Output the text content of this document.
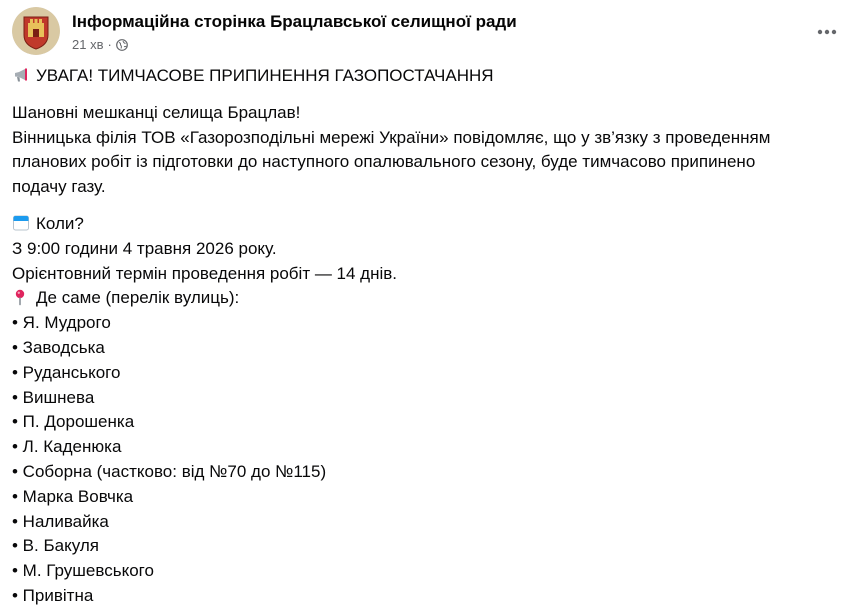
Інформаційна сторінка Брацлавської селищної ради
21 хв ·
УВАГА! ТИМЧАСОВЕ ПРИПИНЕННЯ ГАЗОПОСТАЧАННЯ
Шановні мешканці селища Брацлав!
Вінницька філія ТОВ «Газорозподільні мережі України» повідомляє, що у зв’язку з проведенням
планових робіт із підготовки до наступного опалювального сезону, буде тимчасово припинено
подачу газу.
Коли?
З 9:00 години 4 травня 2026 року.
Орієнтовний термін проведення робіт — 14 днів.
Де саме (перелік вулиць):
• Я. Мудрого
• Заводська
• Руданського
• Вишнева
• П. Дорошенка
• Л. Каденюка
• Соборна (частково: від №70 до №115)
• Марка Вовчка
• Наливайка
• В. Бакуля
• М. Грушевського
• Привітна
